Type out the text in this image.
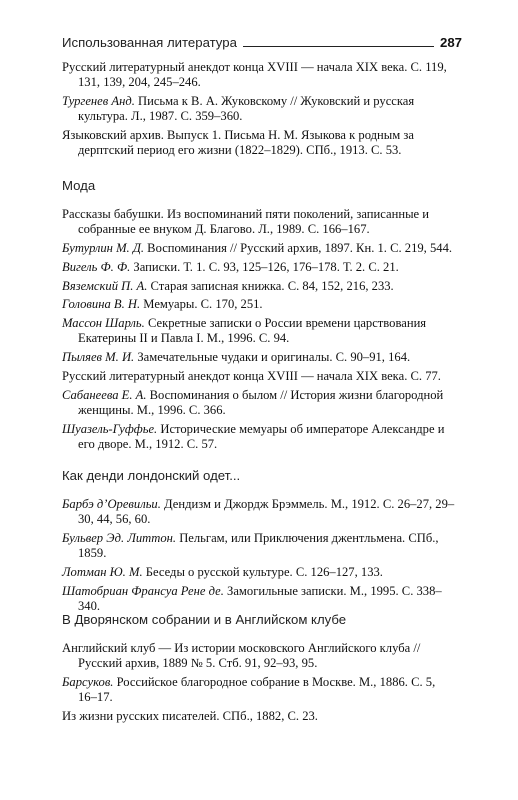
Использованная литература	287
Русский литературный анекдот конца XVIII — начала XIX века. С. 119, 131, 139, 204, 245–246.
Тургенев Анд. Письма к В. А. Жуковскому // Жуковский и русская культура. Л., 1987. С. 359–360.
Языковский архив. Выпуск 1. Письма Н. М. Языкова к родным за дерптский период его жизни (1822–1829). СПб., 1913. С. 53.
Мода
Рассказы бабушки. Из воспоминаний пяти поколений, записанные и собранные ее внуком Д. Благово. Л., 1989. С. 166–167.
Бутурлин М. Д. Воспоминания // Русский архив, 1897. Кн. 1. С. 219, 544.
Вигель Ф. Ф. Записки. Т. 1. С. 93, 125–126, 176–178. Т. 2. С. 21.
Вяземский П. А. Старая записная книжка. С. 84, 152, 216, 233.
Головина В. Н. Мемуары. С. 170, 251.
Массон Шарль. Секретные записки о России времени царствования Екатерины II и Павла I. М., 1996. С. 94.
Пыляев М. И. Замечательные чудаки и оригиналы. С. 90–91, 164.
Русский литературный анекдот конца XVIII — начала XIX века. С. 77.
Сабанеева Е. А. Воспоминания о былом // История жизни благородной женщины. М., 1996. С. 366.
Шуазель-Гуффье. Исторические мемуары об императоре Александре и его дворе. М., 1912. С. 57.
Как денди лондонский одет...
Барбэ д’Оревильи. Дендизм и Джордж Брэммель. М., 1912. С. 26–27, 29–30, 44, 56, 60.
Бульвер Эд. Литтон. Пельгам, или Приключения джентльмена. СПб., 1859.
Лотман Ю. М. Беседы о русской культуре. С. 126–127, 133.
Шатобриан Франсуа Рене де. Замогильные записки. М., 1995. С. 338–340.
В Дворянском собрании и в Английском клубе
Английский клуб — Из истории московского Английского клуба // Русский архив, 1889 № 5. Стб. 91, 92–93, 95.
Барсуков. Российское благородное собрание в Москве. М., 1886. С. 5, 16–17.
Из жизни русских писателей. СПб., 1882, С. 23.
